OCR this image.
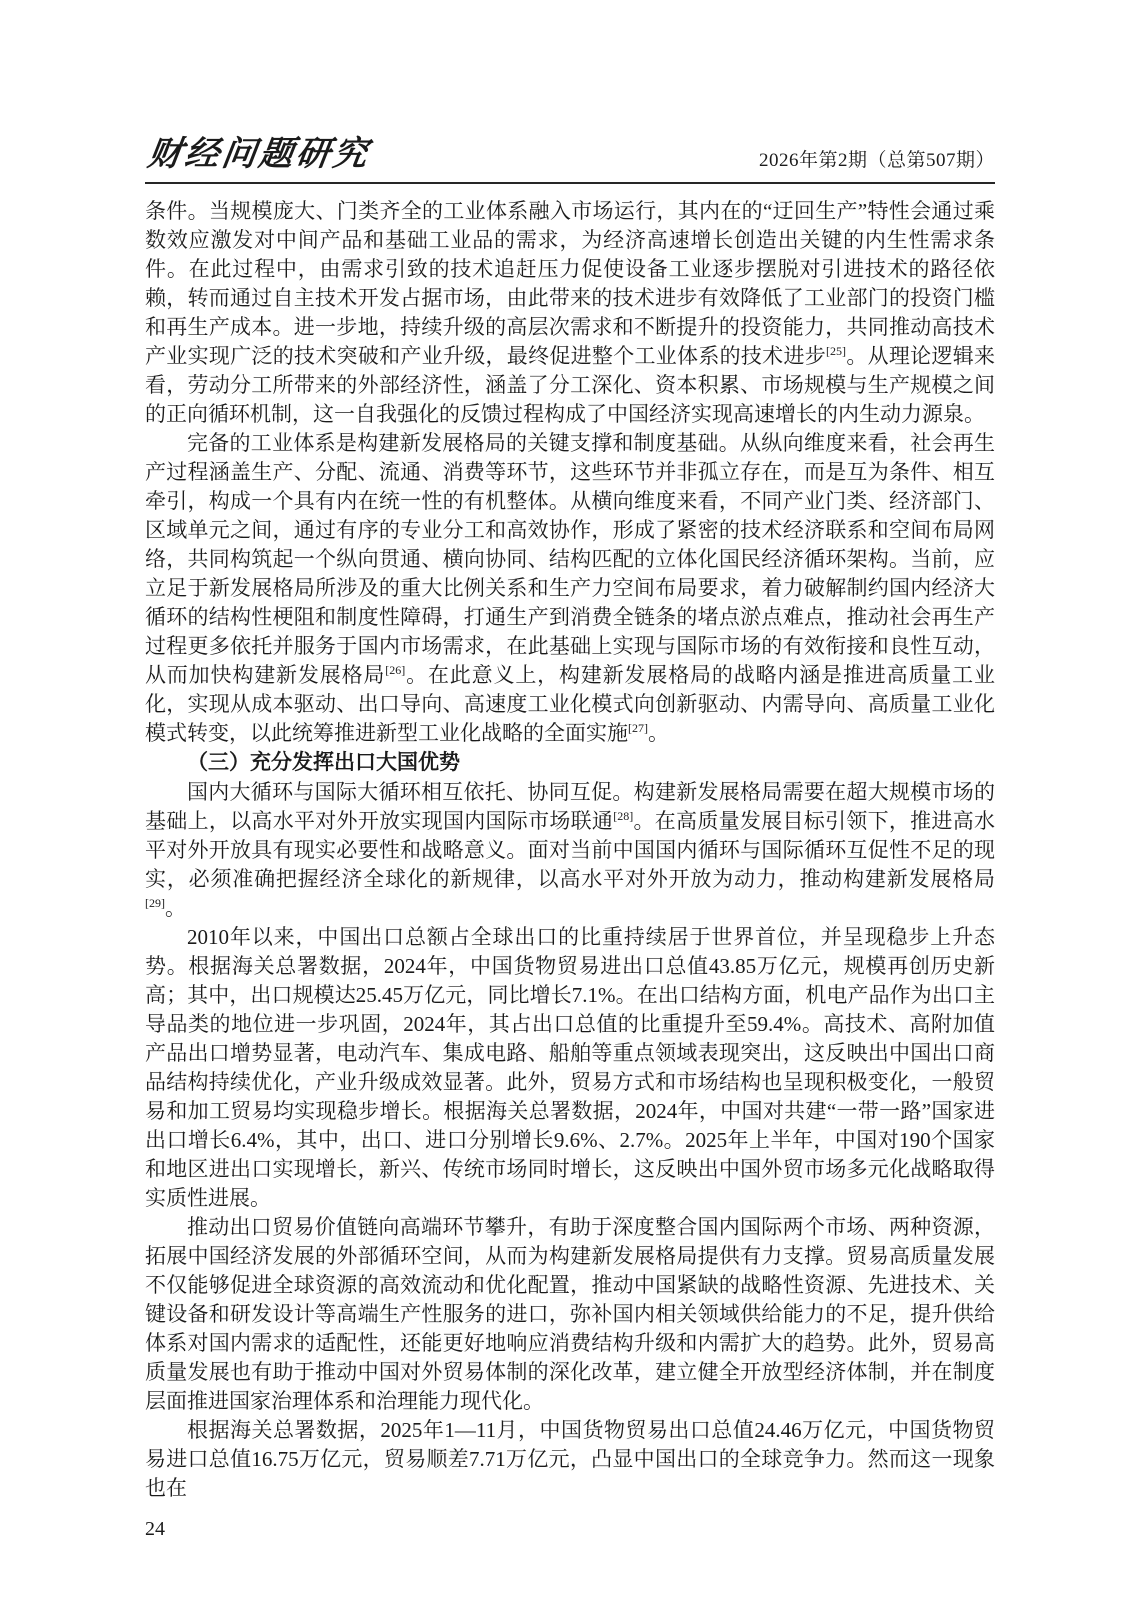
财经问题研究	2026年第2期（总第507期）

条件。当规模庞大、门类齐全的工业体系融入市场运行，其内在的“迂回生产”特性会通过乘数效应激发对中间产品和基础工业品的需求，为经济高速增长创造出关键的内生性需求条件。在此过程中，由需求引致的技术追赶压力促使设备工业逐步摆脱对引进技术的路径依赖，转而通过自主技术开发占据市场，由此带来的技术进步有效降低了工业部门的投资门槛和再生产成本。进一步地，持续升级的高层次需求和不断提升的投资能力，共同推动高技术产业实现广泛的技术突破和产业升级，最终促进整个工业体系的技术进步[25]。从理论逻辑来看，劳动分工所带来的外部经济性，涵盖了分工深化、资本积累、市场规模与生产规模之间的正向循环机制，这一自我强化的反馈过程构成了中国经济实现高速增长的内生动力源泉。

完备的工业体系是构建新发展格局的关键支撑和制度基础。从纵向维度来看，社会再生产过程涵盖生产、分配、流通、消费等环节，这些环节并非孤立存在，而是互为条件、相互牵引，构成一个具有内在统一性的有机整体。从横向维度来看，不同产业门类、经济部门、区域单元之间，通过有序的专业分工和高效协作，形成了紧密的技术经济联系和空间布局网络，共同构筑起一个纵向贯通、横向协同、结构匹配的立体化国民经济循环架构。当前，应立足于新发展格局所涉及的重大比例关系和生产力空间布局要求，着力破解制约国内经济大循环的结构性梗阻和制度性障碍，打通生产到消费全链条的堵点淤点难点，推动社会再生产过程更多依托并服务于国内市场需求，在此基础上实现与国际市场的有效衔接和良性互动，从而加快构建新发展格局[26]。在此意义上，构建新发展格局的战略内涵是推进高质量工业化，实现从成本驱动、出口导向、高速度工业化模式向创新驱动、内需导向、高质量工业化模式转变，以此统筹推进新型工业化战略的全面实施[27]。

（三）充分发挥出口大国优势

国内大循环与国际大循环相互依托、协同互促。构建新发展格局需要在超大规模市场的基础上，以高水平对外开放实现国内国际市场联通[28]。在高质量发展目标引领下，推进高水平对外开放具有现实必要性和战略意义。面对当前中国国内循环与国际循环互促性不足的现实，必须准确把握经济全球化的新规律，以高水平对外开放为动力，推动构建新发展格局[29]。

2010年以来，中国出口总额占全球出口的比重持续居于世界首位，并呈现稳步上升态势。根据海关总署数据，2024年，中国货物贸易进出口总值43.85万亿元，规模再创历史新高；其中，出口规模达25.45万亿元，同比增长7.1%。在出口结构方面，机电产品作为出口主导品类的地位进一步巩固，2024年，其占出口总值的比重提升至59.4%。高技术、高附加值产品出口增势显著，电动汽车、集成电路、船舶等重点领域表现突出，这反映出中国出口商品结构持续优化，产业升级成效显著。此外，贸易方式和市场结构也呈现积极变化，一般贸易和加工贸易均实现稳步增长。根据海关总署数据，2024年，中国对共建“一带一路”国家进出口增长6.4%，其中，出口、进口分别增长9.6%、2.7%。2025年上半年，中国对190个国家和地区进出口实现增长，新兴、传统市场同时增长，这反映出中国外贸市场多元化战略取得实质性进展。

推动出口贸易价值链向高端环节攀升，有助于深度整合国内国际两个市场、两种资源，拓展中国经济发展的外部循环空间，从而为构建新发展格局提供有力支撑。贸易高质量发展不仅能够促进全球资源的高效流动和优化配置，推动中国紧缺的战略性资源、先进技术、关键设备和研发设计等高端生产性服务的进口，弥补国内相关领域供给能力的不足，提升供给体系对国内需求的适配性，还能更好地响应消费结构升级和内需扩大的趋势。此外，贸易高质量发展也有助于推动中国对外贸易体制的深化改革，建立健全开放型经济体制，并在制度层面推进国家治理体系和治理能力现代化。

根据海关总署数据，2025年1—11月，中国货物贸易出口总值24.46万亿元，中国货物贸易进口总值16.75万亿元，贸易顺差7.71万亿元，凸显中国出口的全球竞争力。然而这一现象也在

24
